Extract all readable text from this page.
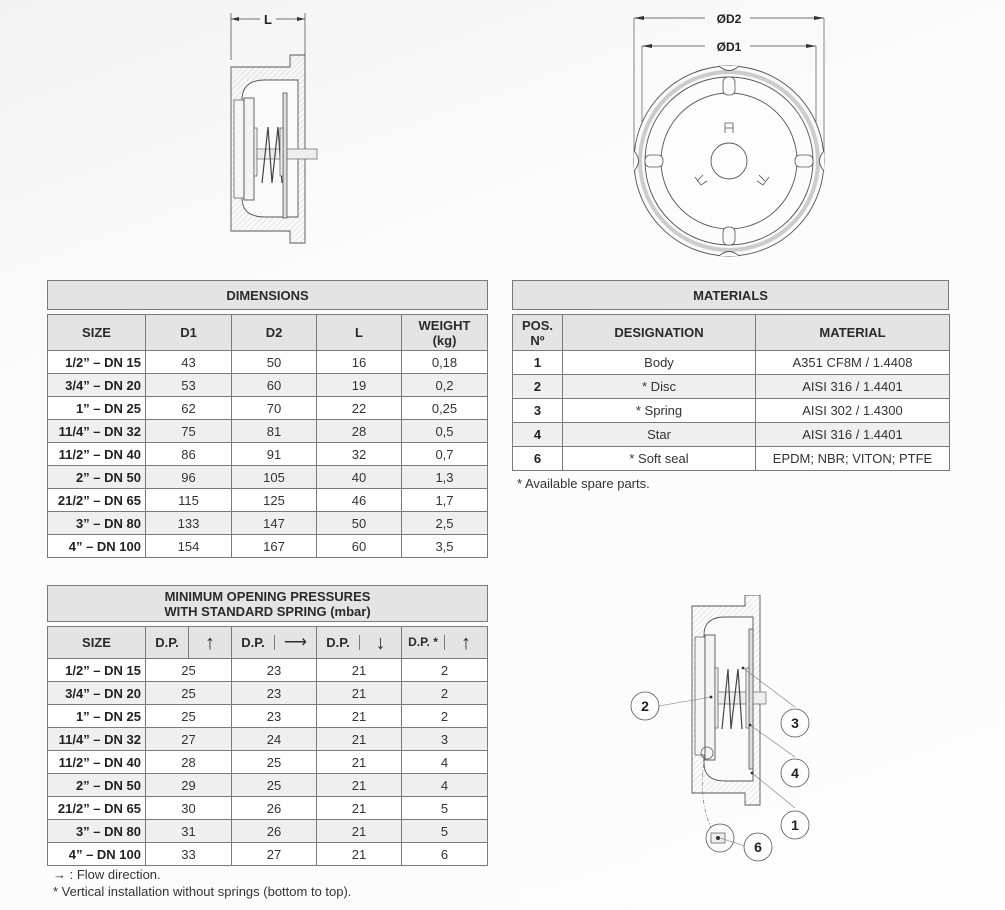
L	ØD2
ØD1
DIMENSIONS
SIZE	D1	D2	L	WEIGHT
(kg)
1/2” – DN 15	43	50	16	0,18
3/4” – DN 20	53	60	19	0,2
1” – DN 25	62	70	22	0,25
11/4” – DN 32	75	81	28	0,5
11/2” – DN 40	86	91	32	0,7
2” – DN 50	96	105	40	1,3
21/2” – DN 65	115	125	46	1,7
3” – DN 80	133	147	50	2,5
4” – DN 100	154	167	60	3,5
MATERIALS
POS.
Nº	DESIGNATION	MATERIAL
1	Body	A351 CF8M / 1.4408
2	* Disc	AISI 316 / 1.4401
3	* Spring	AISI 302 / 1.4300
4	Star	AISI 316 / 1.4401
6	* Soft seal	EPDM; NBR; VITON; PTFE
* Available spare parts.
MINIMUM OPENING PRESSURES
WITH STANDARD SPRING (mbar)
SIZE	D.P. ↑	D.P. ⟶	D.P. ↓	D.P. * ↑

1/2” – DN 15	25	23	21	2
3/4” – DN 20	25	23	21	2
1” – DN 25	25	23	21	2
11/4” – DN 32	27	24	21	3
11/2” – DN 40	28	25	21	4
2” – DN 50	29	25	21	4
21/2” – DN 65	30	26	21	5
3” – DN 80	31	26	21	5
4” – DN 100	33	27	21	6
→ : Flow direction.
* Vertical installation without springs (bottom to top).
2
3
4
1
6
